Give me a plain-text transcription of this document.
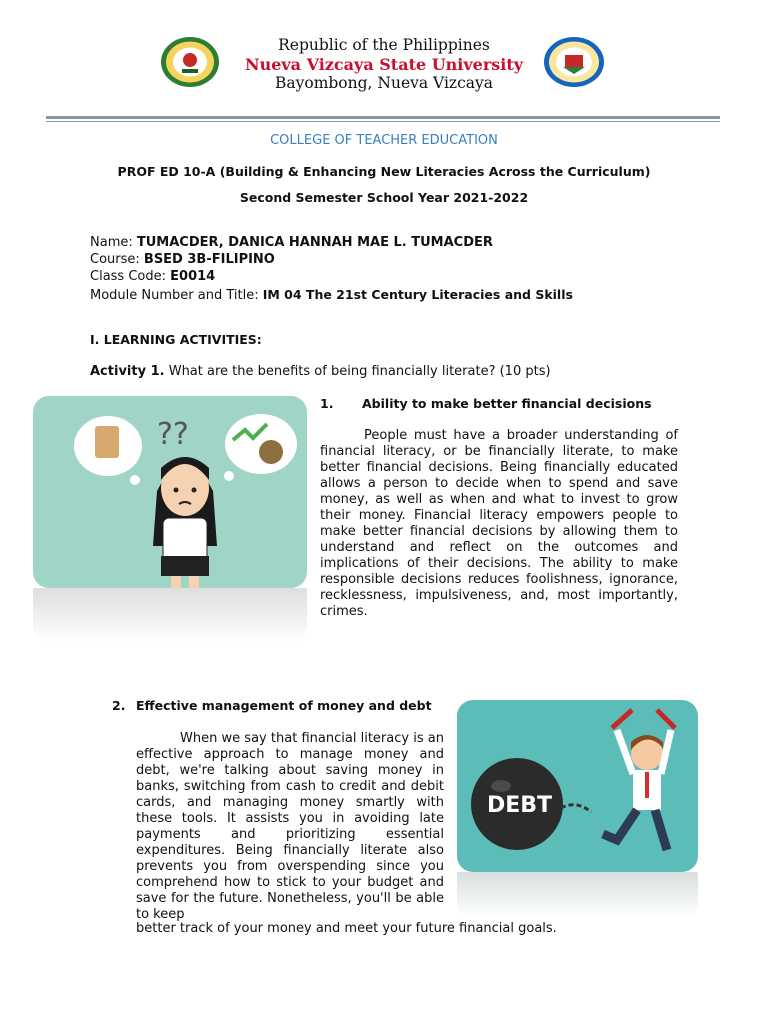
Republic of the Philippines
Nueva Vizcaya State University
Bayombong, Nueva Vizcaya
COLLEGE OF TEACHER EDUCATION
PROF ED 10-A (Building & Enhancing New Literacies Across the Curriculum)
Second Semester School Year 2021-2022
Name: TUMACDER, DANICA HANNAH MAE L. TUMACDER
Course: BSED 3B-FILIPINO
Class Code: E0014
Module Number and Title: IM 04 The 21st Century Literacies and Skills
I. LEARNING ACTIVITIES:
Activity 1. What are the benefits of being financially literate? (10 pts)
??
1. Ability to make better financial decisions
People must have a broader understanding of financial literacy, or be financially literate, to make better financial decisions. Being financially educated allows a person to decide when to spend and save money, as well as when and what to invest to grow their money. Financial literacy empowers people to make better financial decisions by allowing them to understand and reflect on the outcomes and implications of their decisions. The ability to make responsible decisions reduces foolishness, ignorance, recklessness, impulsiveness, and, most importantly, crimes.
2. Effective management of money and debt
When we say that financial literacy is an effective approach to manage money and debt, we're talking about saving money in banks, switching from cash to credit and debit cards, and managing money smartly with these tools. It assists you in avoiding late payments and prioritizing essential expenditures. Being financially literate also prevents you from overspending since you comprehend how to stick to your budget and save for the future. Nonetheless, you'll be able to keep
better track of your money and meet your future financial goals.
DEBT
